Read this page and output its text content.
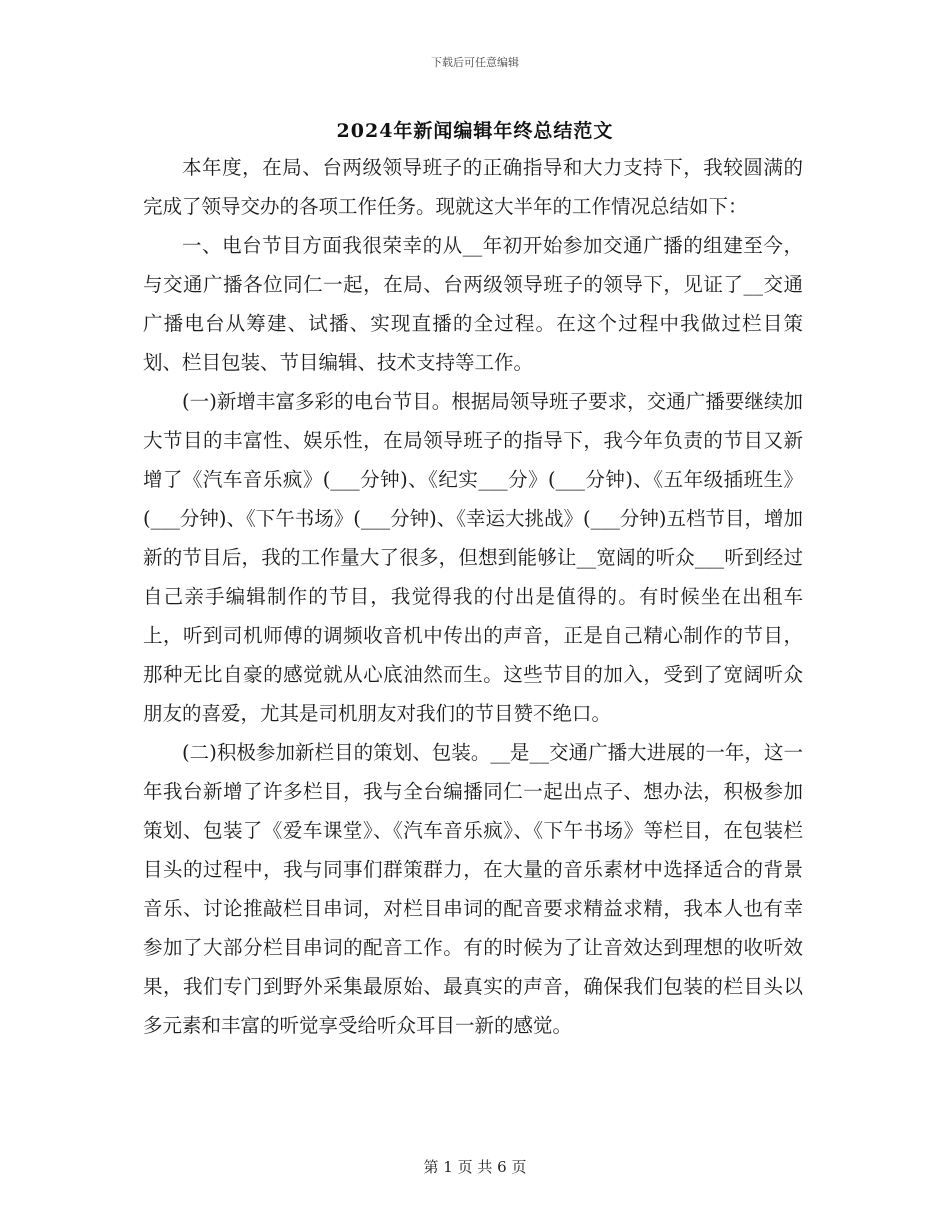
下载后可任意编辑
2024年新闻编辑年终总结范文

本年度，在局、台两级领导班子的正确指导和大力支持下，我较圆满的完成了领导交办的各项工作任务。现就这大半年的工作情况总结如下：

一、电台节目方面我很荣幸的从__年初开始参加交通广播的组建至今，与交通广播各位同仁一起，在局、台两级领导班子的领导下，见证了__交通广播电台从筹建、试播、实现直播的全过程。在这个过程中我做过栏目策划、栏目包装、节目编辑、技术支持等工作。

(一)新增丰富多彩的电台节目。根据局领导班子要求，交通广播要继续加大节目的丰富性、娱乐性，在局领导班子的指导下，我今年负责的节目又新增了《汽车音乐疯》(___分钟)、《纪实___分》(___分钟)、《五年级插班生》(___分钟)、《下午书场》(___分钟)、《幸运大挑战》(___分钟)五档节目，增加新的节目后，我的工作量大了很多，但想到能够让__宽阔的听众___听到经过自己亲手编辑制作的节目，我觉得我的付出是值得的。有时候坐在出租车上，听到司机师傅的调频收音机中传出的声音，正是自己精心制作的节目，那种无比自豪的感觉就从心底油然而生。这些节目的加入，受到了宽阔听众朋友的喜爱，尤其是司机朋友对我们的节目赞不绝口。

(二)积极参加新栏目的策划、包装。__是__交通广播大进展的一年，这一年我台新增了许多栏目，我与全台编播同仁一起出点子、想办法，积极参加策划、包装了《爱车课堂》、《汽车音乐疯》、《下午书场》等栏目，在包装栏目头的过程中，我与同事们群策群力，在大量的音乐素材中选择适合的背景音乐、讨论推敲栏目串词，对栏目串词的配音要求精益求精，我本人也有幸参加了大部分栏目串词的配音工作。有的时候为了让音效达到理想的收听效果，我们专门到野外采集最原始、最真实的声音，确保我们包装的栏目头以多元素和丰富的听觉享受给听众耳目一新的感觉。

第 1 页 共 6 页
